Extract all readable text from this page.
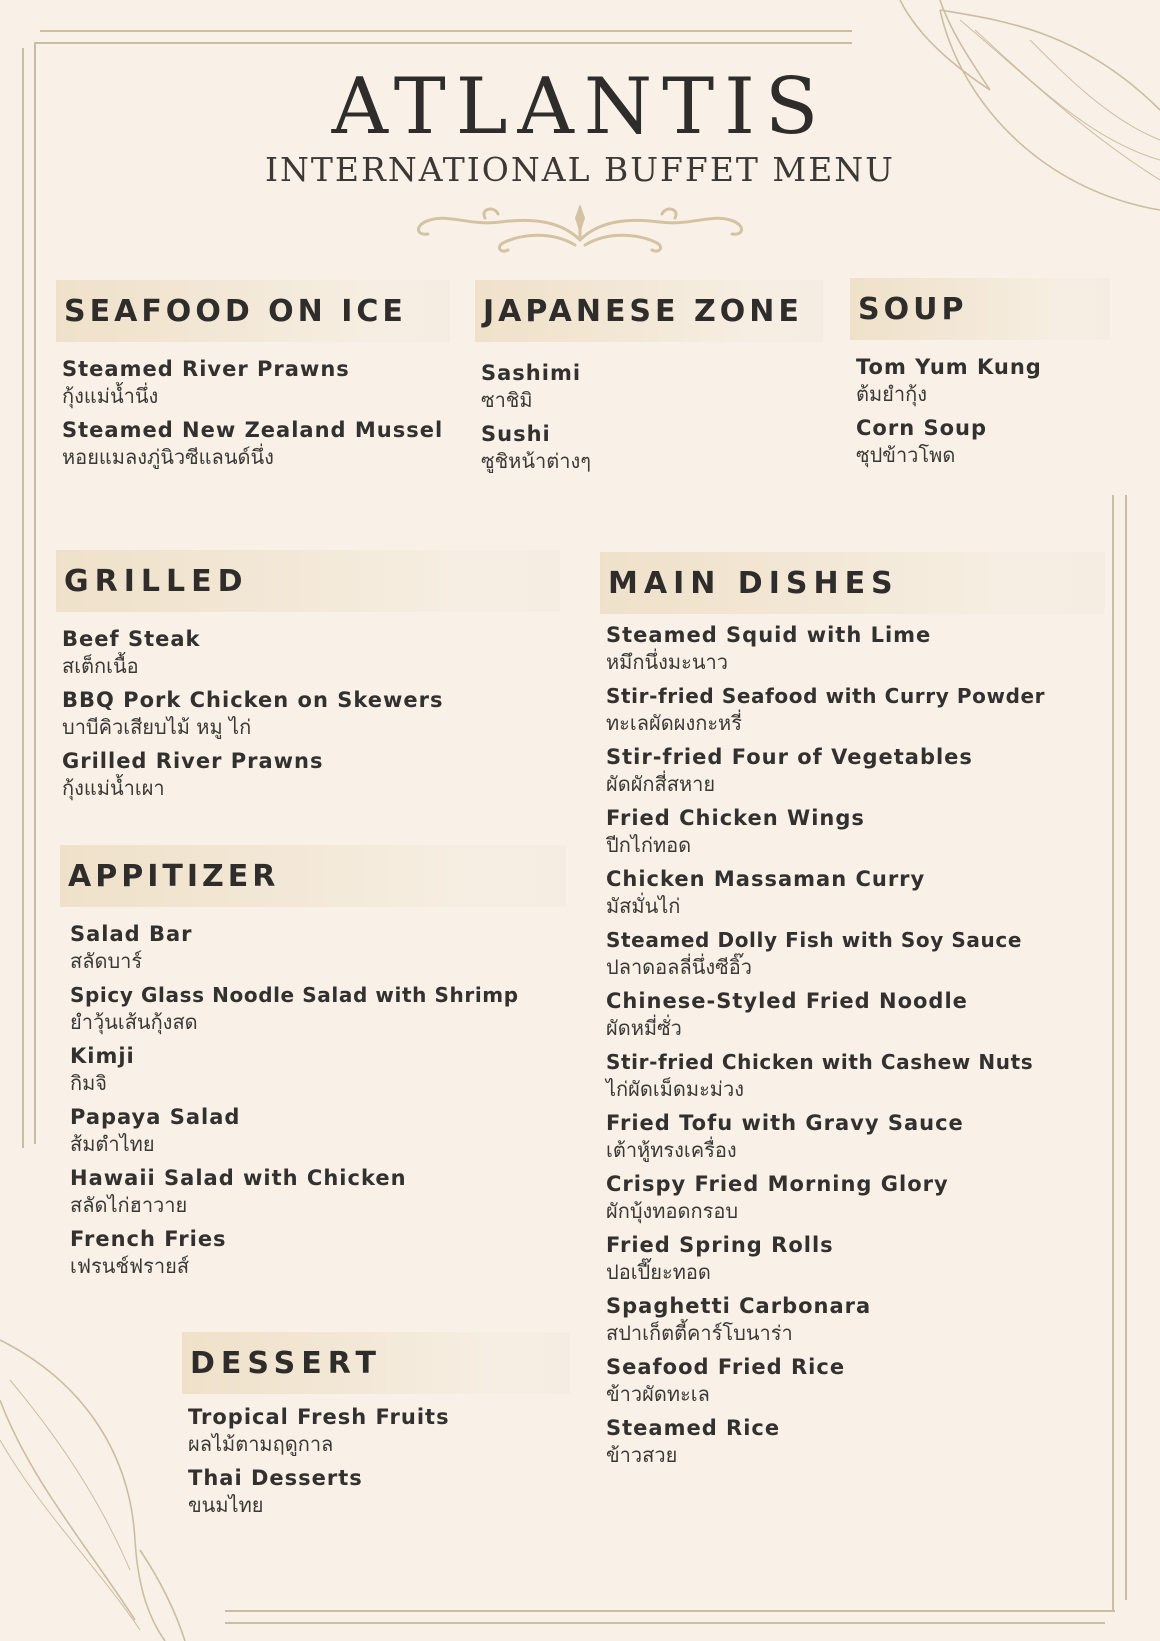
ATLANTIS
INTERNATIONAL BUFFET MENU
SEAFOOD ON ICE
Steamed River Prawns
กุ้งแม่น้ำนึ่ง
Steamed New Zealand Mussel
หอยแมลงภู่นิวซีแลนด์นึ่ง
JAPANESE ZONE
Sashimi
ซาชิมิ
Sushi
ซูชิหน้าต่างๆ
SOUP
Tom Yum Kung
ต้มยำกุ้ง
Corn Soup
ซุปข้าวโพด
GRILLED
Beef Steak
สเต็กเนื้อ
BBQ Pork Chicken on Skewers
บาบีคิวเสียบไม้ หมู ไก่
Grilled River Prawns
กุ้งแม่น้ำเผา
APPITIZER
Salad Bar
สลัดบาร์
Spicy Glass Noodle Salad with Shrimp
ยำวุ้นเส้นกุ้งสด
Kimji
กิมจิ
Papaya Salad
ส้มตำไทย
Hawaii Salad with Chicken
สลัดไก่ฮาวาย
French Fries
เฟรนช์ฟรายส์
DESSERT
Tropical Fresh Fruits
ผลไม้ตามฤดูกาล
Thai Desserts
ขนมไทย
MAIN DISHES
Steamed Squid with Lime
หมึกนึ่งมะนาว
Stir-fried Seafood with Curry Powder
ทะเลผัดผงกะหรี่
Stir-fried Four of Vegetables
ผัดผักสี่สหาย
Fried Chicken Wings
ปีกไก่ทอด
Chicken Massaman Curry
มัสมั่นไก่
Steamed Dolly Fish with Soy Sauce
ปลาดอลลี่นึ่งซีอิ๊ว
Chinese-Styled Fried Noodle
ผัดหมี่ซั่ว
Stir-fried Chicken with Cashew Nuts
ไก่ผัดเม็ดมะม่วง
Fried Tofu with Gravy Sauce
เต้าหู้ทรงเครื่อง
Crispy Fried Morning Glory
ผักบุ้งทอดกรอบ
Fried Spring Rolls
ปอเปี๊ยะทอด
Spaghetti Carbonara
สปาเก็ตตี้คาร์โบนาร่า
Seafood Fried Rice
ข้าวผัดทะเล
Steamed Rice
ข้าวสวย
